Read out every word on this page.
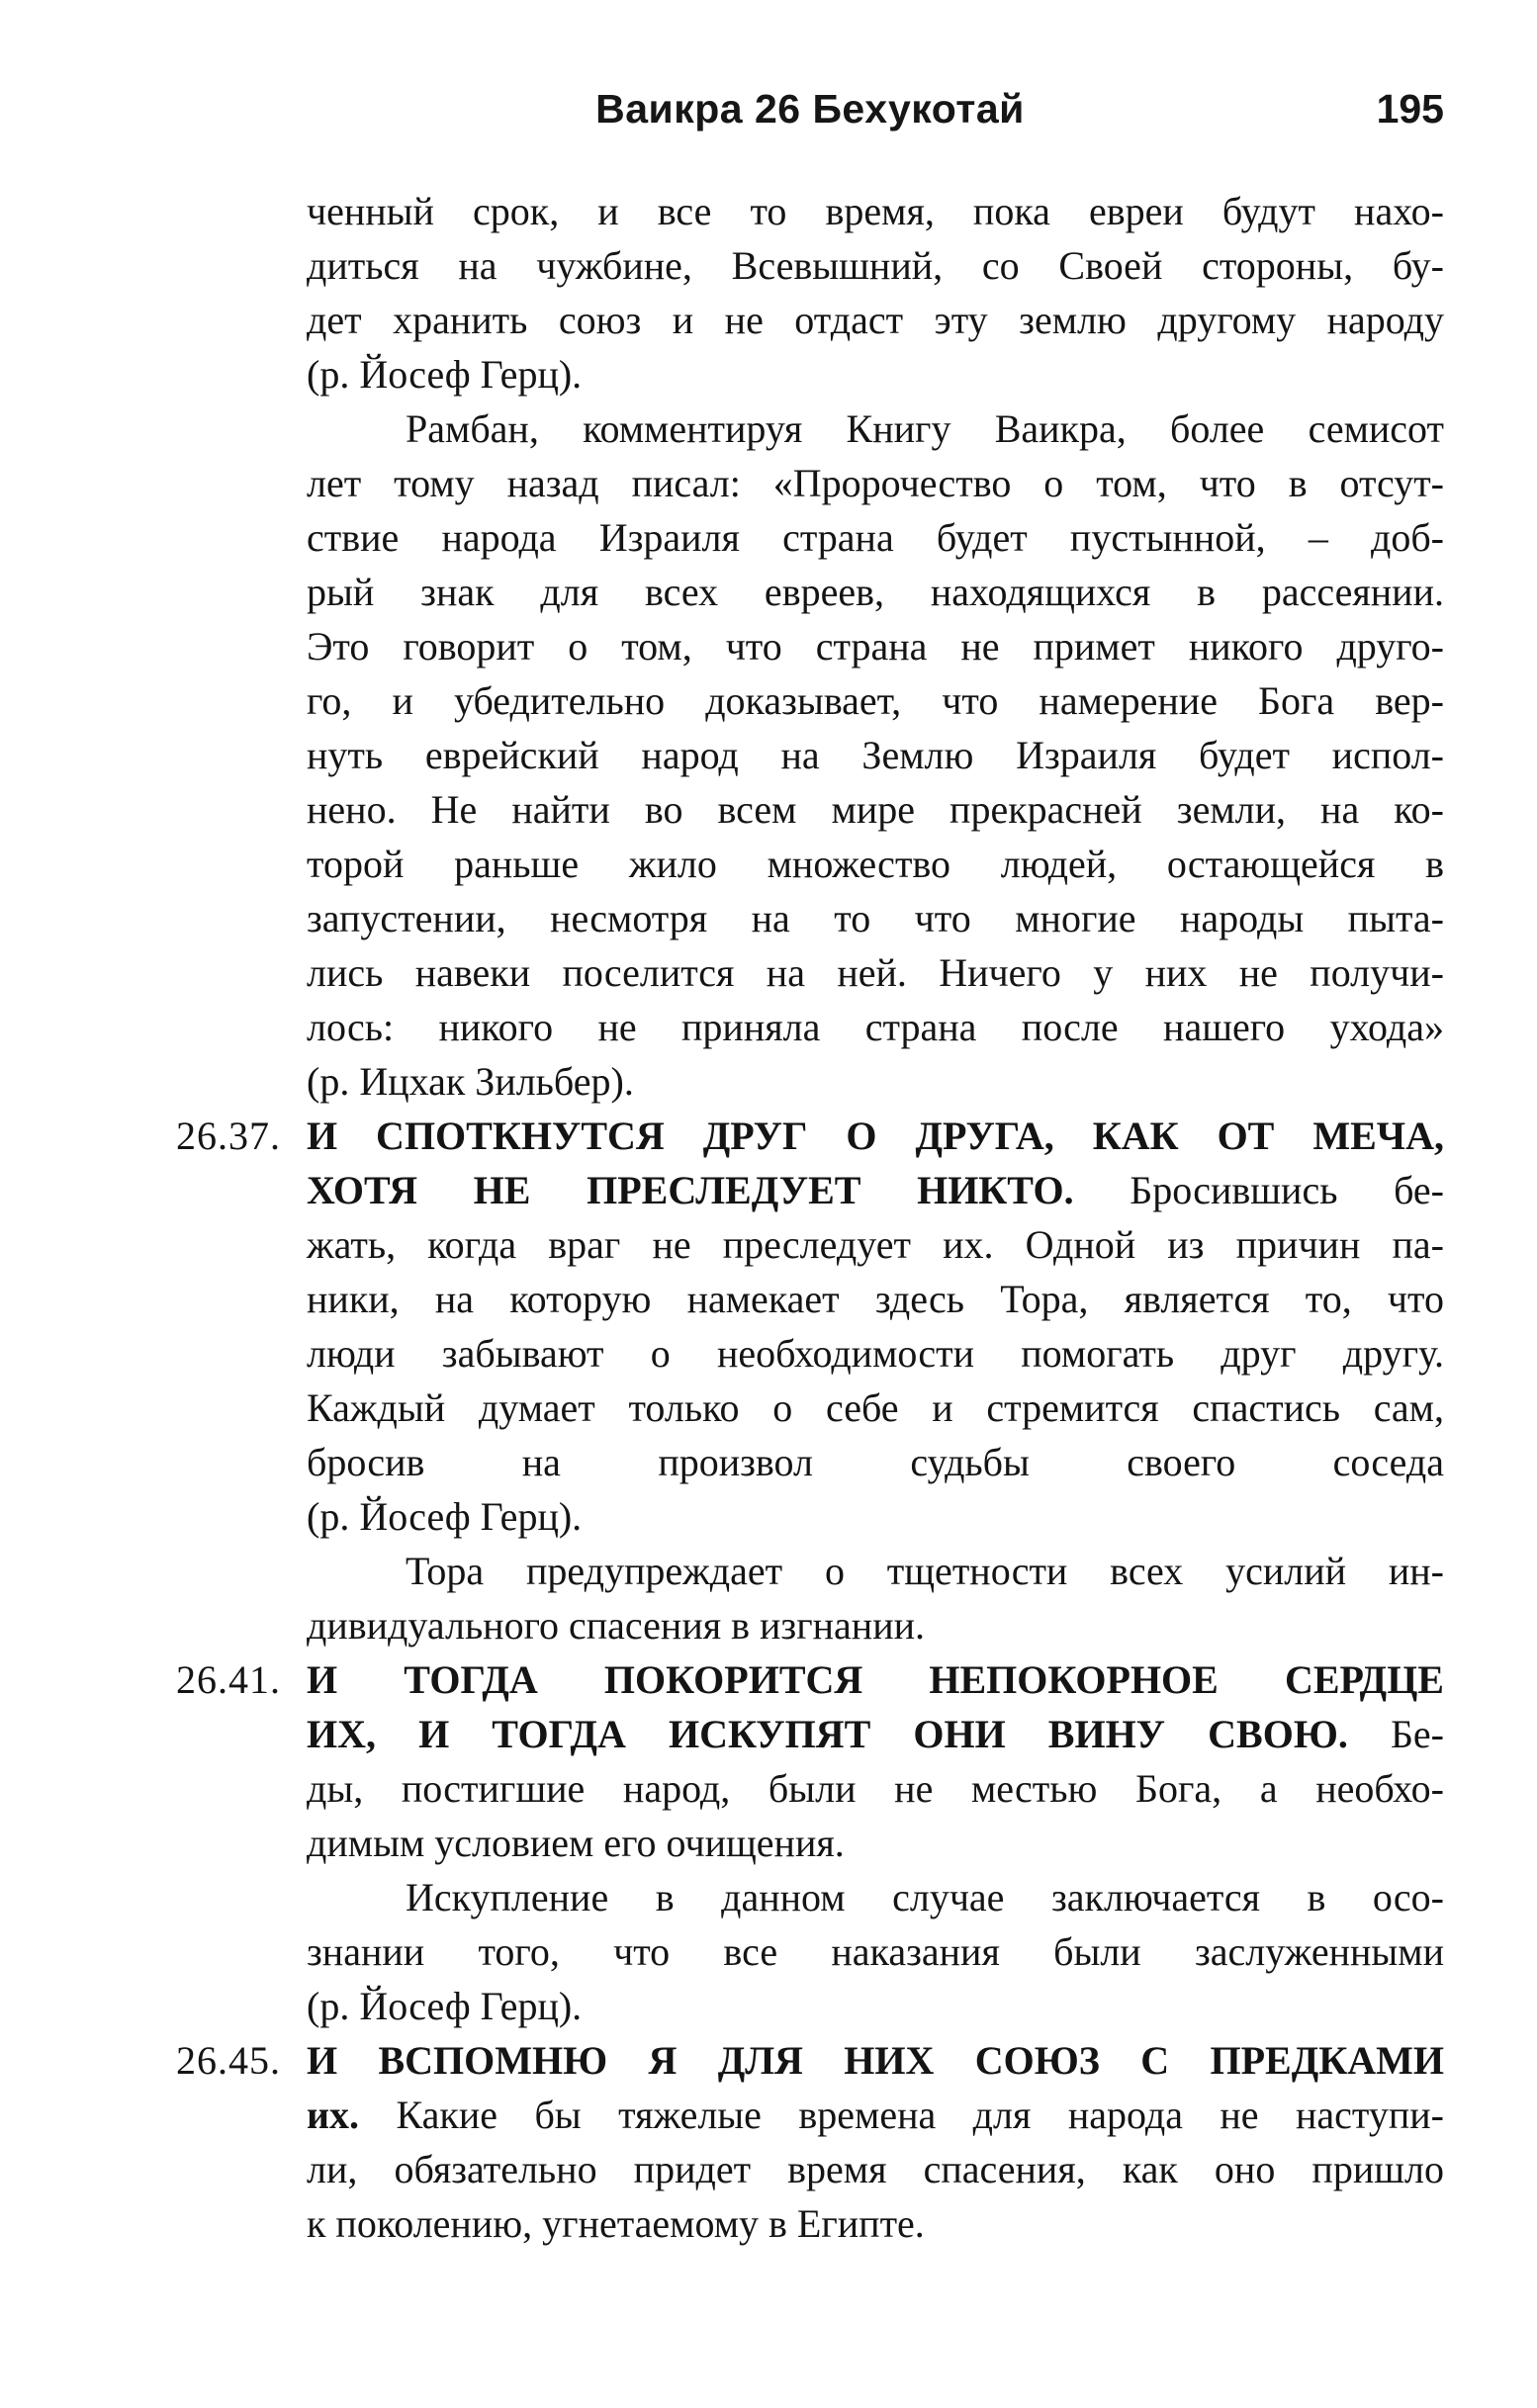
Ваикра 26 Бехукотай	195
ченный срок, и все то время, пока евреи будут нахо-
диться на чужбине, Всевышний, со Своей стороны, бу-
дет хранить союз и не отдаст эту землю другому народу
(р. Йосеф Герц).
Рамбан, комментируя Книгу Ваикра, более семисот
лет тому назад писал: «Пророчество о том, что в отсут-
ствие народа Израиля страна будет пустынной, – доб-
рый знак для всех евреев, находящихся в рассеянии.
Это говорит о том, что страна не примет никого друго-
го, и убедительно доказывает, что намерение Бога вер-
нуть еврейский народ на Землю Израиля будет испол-
нено. Не найти во всем мире прекрасней земли, на ко-
торой раньше жило множество людей, остающейся в
запустении, несмотря на то что многие народы пыта-
лись навеки поселится на ней. Ничего у них не получи-
лось: никого не приняла страна после нашего ухода»
(р. Ицхак Зильбер).
26.37. И СПОТКНУТСЯ ДРУГ О ДРУГА, КАК ОТ МЕЧА,
ХОТЯ НЕ ПРЕСЛЕДУЕТ НИКТО. Бросившись бе-
жать, когда враг не преследует их. Одной из причин па-
ники, на которую намекает здесь Тора, является то, что
люди забывают о необходимости помогать друг другу.
Каждый думает только о себе и стремится спастись сам,
бросив на произвол судьбы своего соседа
(р. Йосеф Герц).
Тора предупреждает о тщетности всех усилий ин-
дивидуального спасения в изгнании.
26.41. И ТОГДА ПОКОРИТСЯ НЕПОКОРНОЕ СЕРДЦЕ
ИХ, И ТОГДА ИСКУПЯТ ОНИ ВИНУ СВОЮ. Бе-
ды, постигшие народ, были не местью Бога, а необхо-
димым условием его очищения.
Искупление в данном случае заключается в осо-
знании того, что все наказания были заслуженными
(р. Йосеф Герц).
26.45. И ВСПОМНЮ Я ДЛЯ НИХ СОЮЗ С ПРЕДКАМИ
их. Какие бы тяжелые времена для народа не наступи-
ли, обязательно придет время спасения, как оно пришло
к поколению, угнетаемому в Египте.
